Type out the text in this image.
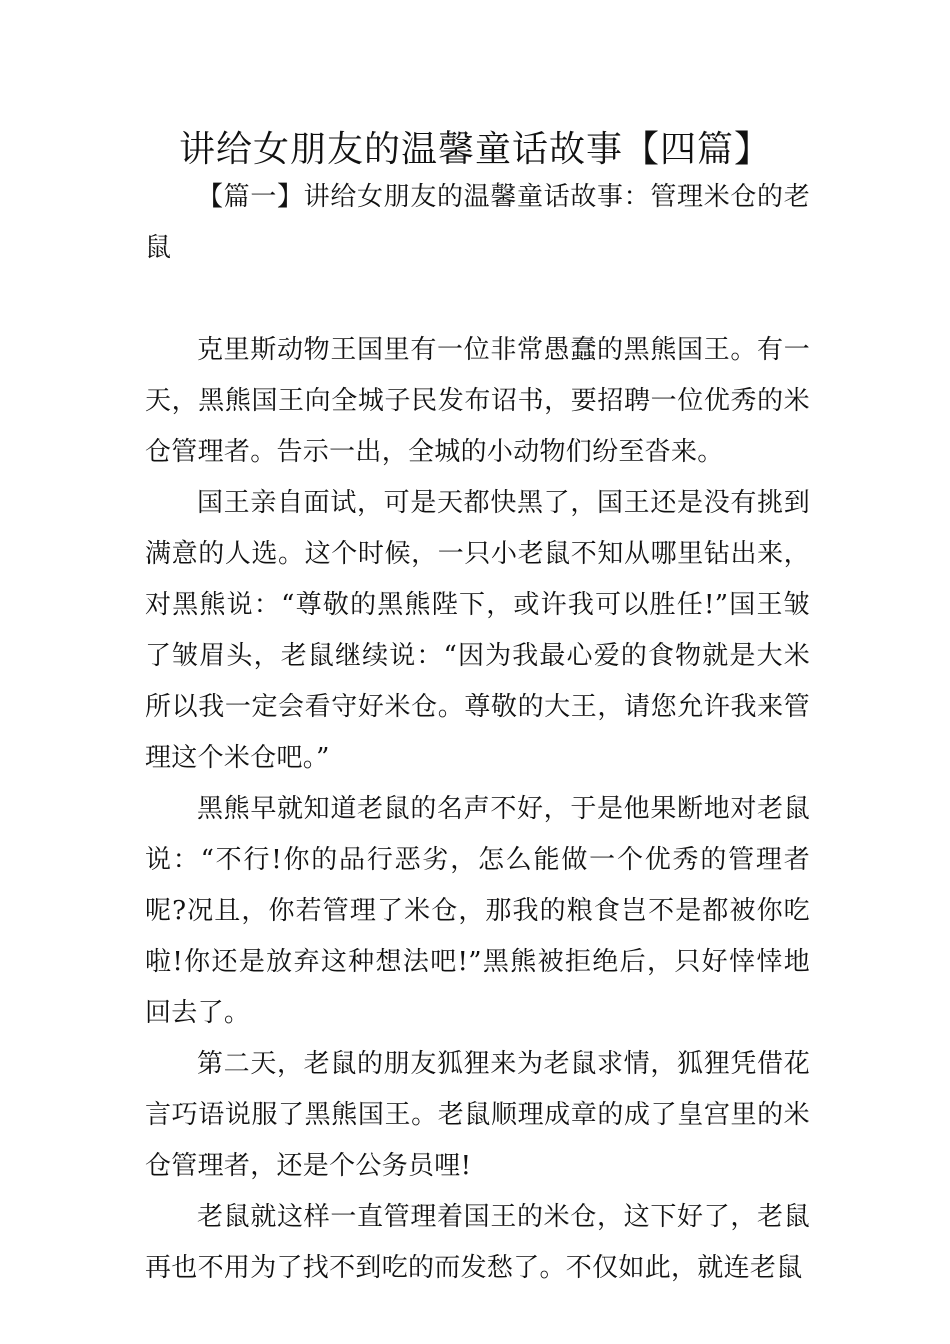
讲给女朋友的温馨童话故事【四篇】

【篇一】讲给女朋友的温馨童话故事：管理米仓的老鼠

克里斯动物王国里有一位非常愚蠢的黑熊国王。有一天，黑熊国王向全城子民发布诏书，要招聘一位优秀的米仓管理者。告示一出，全城的小动物们纷至沓来。

国王亲自面试，可是天都快黑了，国王还是没有挑到满意的人选。这个时候，一只小老鼠不知从哪里钻出来，对黑熊说：“尊敬的黑熊陛下，或许我可以胜任!”国王皱了皱眉头，老鼠继续说：“因为我最心爱的食物就是大米所以我一定会看守好米仓。尊敬的大王，请您允许我来管理这个米仓吧。”

黑熊早就知道老鼠的名声不好，于是他果断地对老鼠说：“不行!你的品行恶劣，怎么能做一个优秀的管理者呢?况且，你若管理了米仓，那我的粮食岂不是都被你吃啦!你还是放弃这种想法吧!”黑熊被拒绝后，只好悻悻地回去了。

第二天，老鼠的朋友狐狸来为老鼠求情，狐狸凭借花言巧语说服了黑熊国王。老鼠顺理成章的成了皇宫里的米仓管理者，还是个公务员哩!

老鼠就这样一直管理着国王的米仓，这下好了，老鼠再也不用为了找不到吃的而发愁了。不仅如此，就连老鼠
